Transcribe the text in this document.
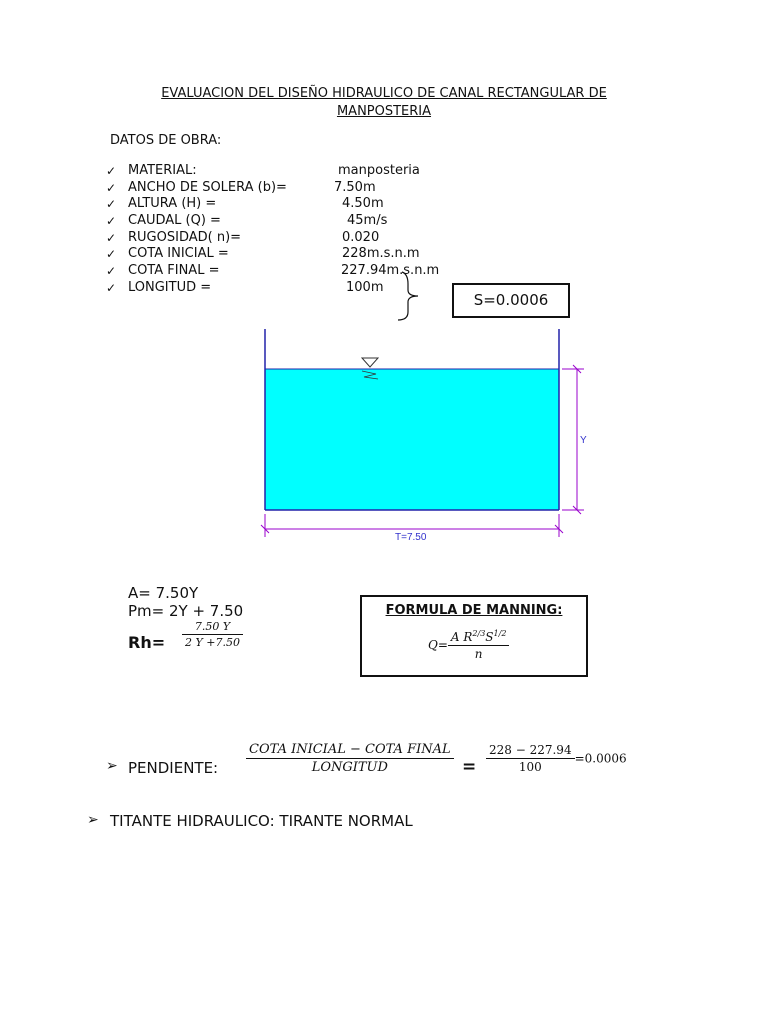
EVALUACION DEL DISEÑO HIDRAULICO DE CANAL RECTANGULAR DE
MANPOSTERIA
DATOS DE OBRA:
✓ MATERIAL:	manposteria
✓ ANCHO DE SOLERA (b)=	7.50m
✓ ALTURA (H) =	4.50m
✓ CAUDAL (Q) =	45m/s
✓ RUGOSIDAD( n)=	0.020
✓ COTA INICIAL =	228m.s.n.m
✓ COTA FINAL =	227.94m.s.n.m
✓ LONGITUD =	100m
S=0.0006
Y
T=7.50
A= 7.50Y
Pm= 2Y + 7.50
$Rh= \frac{7.50 Y}{2 Y +7.50}$
FORMULA DE MANNING:
$Q= \frac{A R^{2/3}S^{1/2}}{n}$
➢ PENDIENTE: $\frac{\text{COTA INICIAL − COTA FINAL}}{\text{LONGITUD}} = \frac{228 - 227.94}{100} =0.0006$
➢ TITANTE HIDRAULICO: TIRANTE NORMAL
